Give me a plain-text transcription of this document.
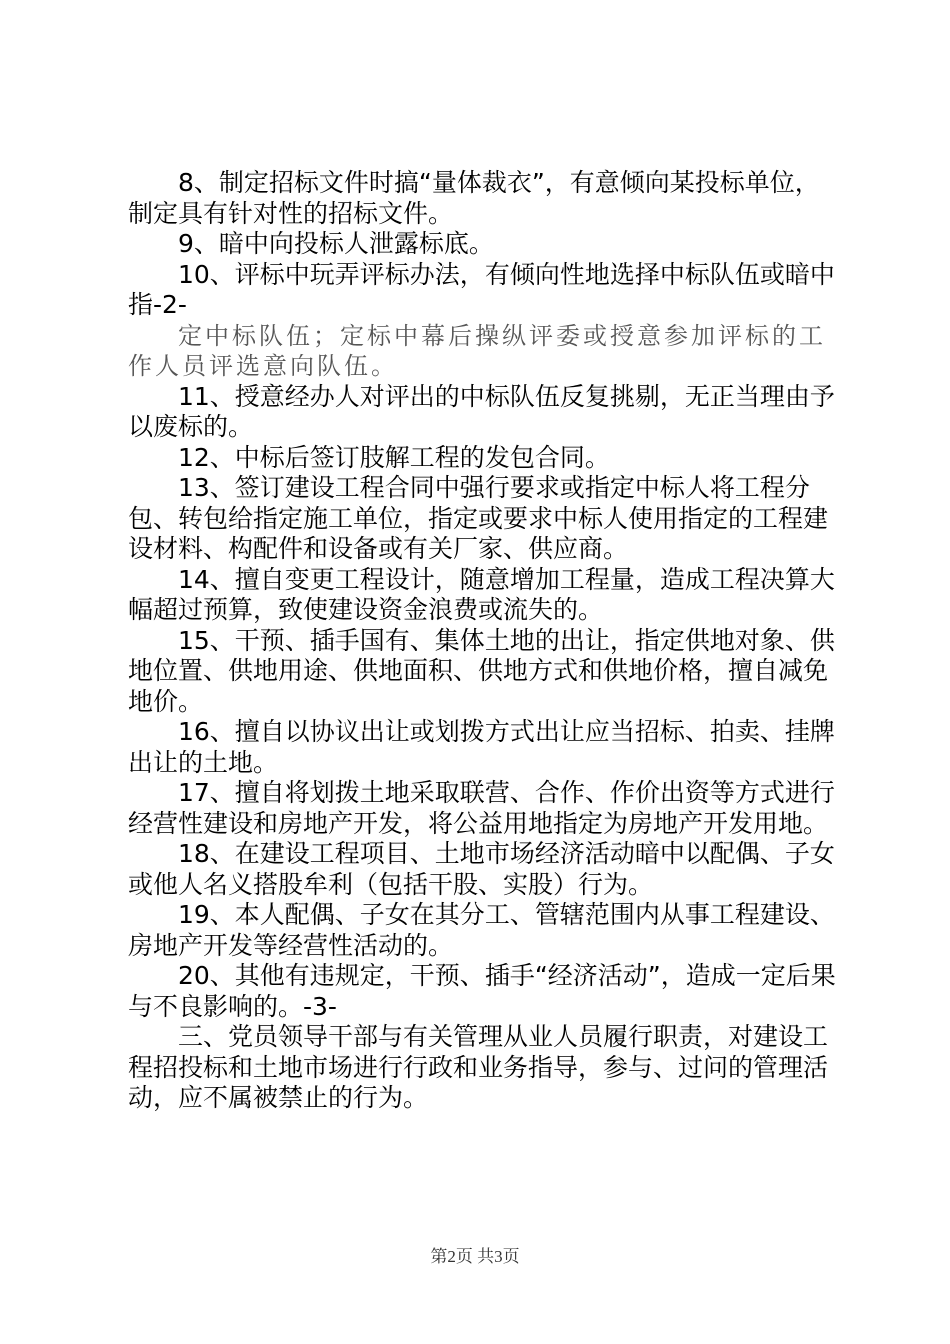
8、制定招标文件时搞“量体裁衣”，有意倾向某投标单位，制定具有针对性的招标文件。

9、暗中向投标人泄露标底。

10、评标中玩弄评标办法，有倾向性地选择中标队伍或暗中指-2-

定中标队伍；定标中幕后操纵评委或授意参加评标的工作人员评选意向队伍。

11、授意经办人对评出的中标队伍反复挑剔，无正当理由予以废标的。

12、中标后签订肢解工程的发包合同。

13、签订建设工程合同中强行要求或指定中标人将工程分包、转包给指定施工单位，指定或要求中标人使用指定的工程建设材料、构配件和设备或有关厂家、供应商。

14、擅自变更工程设计，随意增加工程量，造成工程决算大幅超过预算，致使建设资金浪费或流失的。

15、干预、插手国有、集体土地的出让，指定供地对象、供地位置、供地用途、供地面积、供地方式和供地价格，擅自减免地价。

16、擅自以协议出让或划拨方式出让应当招标、拍卖、挂牌出让的土地。

17、擅自将划拨土地采取联营、合作、作价出资等方式进行经营性建设和房地产开发，将公益用地指定为房地产开发用地。

18、在建设工程项目、土地市场经济活动暗中以配偶、子女或他人名义搭股牟利（包括干股、实股）行为。

19、本人配偶、子女在其分工、管辖范围内从事工程建设、房地产开发等经营性活动的。

20、其他有违规定，干预、插手“经济活动”，造成一定后果与不良影响的。-3-

三、党员领导干部与有关管理从业人员履行职责，对建设工程招投标和土地市场进行行政和业务指导，参与、过问的管理活动，应不属被禁止的行为。

第2页 共3页
